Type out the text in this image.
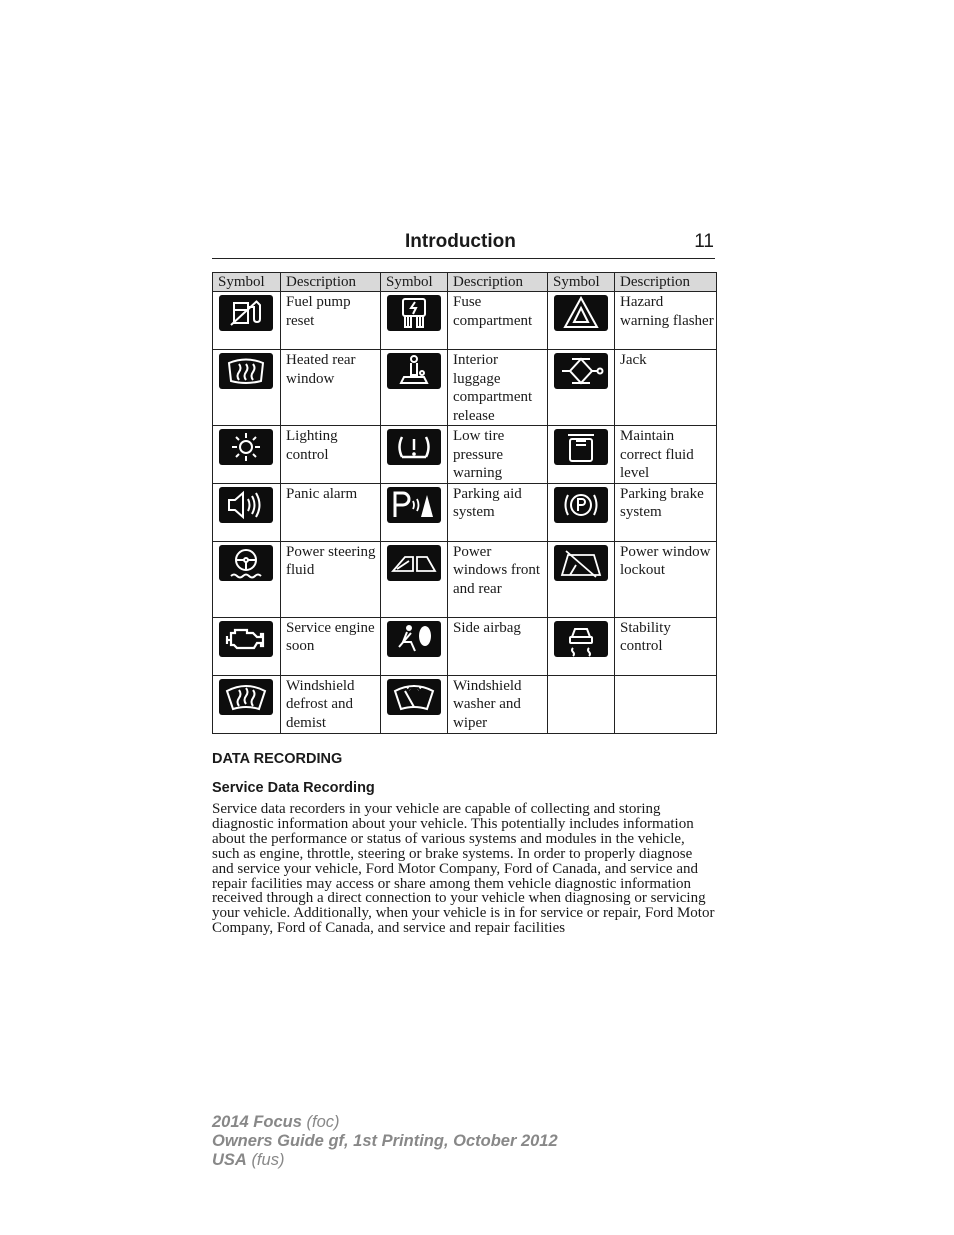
Introduction	11
Symbol	Description	Symbol	Description	Symbol	Description

	Fuel pump reset		Fuse compartment		Hazard warning flasher

	Heated rear window		Interior luggage compartment release		Jack

	Lighting control		Low tire pressure warning		Maintain correct fluid level

	Panic alarm		Parking aid system		Parking brake system

	Power steering fluid		Power windows front and rear		Power window lockout

	Service engine soon		Side airbag		Stability control

	Windshield defrost and demist		Windshield washer and wiper		
DATA RECORDING
Service Data Recording

Service data recorders in your vehicle are capable of collecting and storing diagnostic information about your vehicle. This potentially includes information about the performance or status of various systems and modules in the vehicle, such as engine, throttle, steering or brake systems. In order to properly diagnose and service your vehicle, Ford Motor Company, Ford of Canada, and service and repair facilities may access or share among them vehicle diagnostic information received through a direct connection to your vehicle when diagnosing or servicing your vehicle. Additionally, when your vehicle is in for service or repair, Ford Motor Company, Ford of Canada, and service and repair facilities

2014 Focus (foc)
Owners Guide gf, 1st Printing, October 2012
USA (fus)
